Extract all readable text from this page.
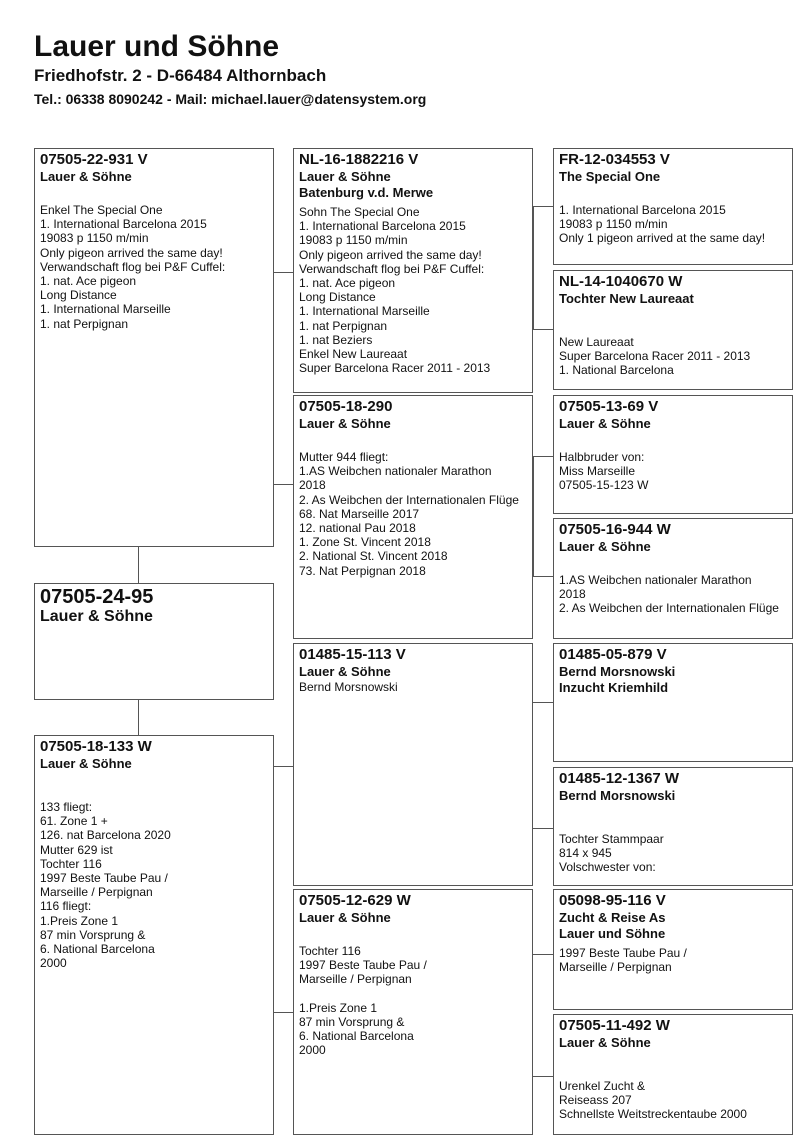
Lauer und Söhne
Friedhofstr. 2 - D-66484 Althornbach
Tel.: 06338 8090242 - Mail: michael.lauer@datensystem.org
07505-22-931 V
Lauer & Söhne
Enkel The Special One
1. International Barcelona 2015
19083 p 1150 m/min
Only pigeon arrived the same day!
Verwandschaft flog bei P&F Cuffel:
1. nat. Ace pigeon
Long Distance
1. International Marseille
1. nat Perpignan
07505-24-95
Lauer & Söhne
07505-18-133 W
Lauer & Söhne
133 fliegt:
61. Zone 1 +
126. nat Barcelona 2020
Mutter 629 ist
Tochter 116
1997 Beste Taube Pau /
Marseille / Perpignan
116 fliegt:
1.Preis Zone 1
87 min Vorsprung &
6. National Barcelona
2000
NL-16-1882216 V
Lauer & Söhne
Batenburg v.d. Merwe
Sohn The Special One
1. International Barcelona 2015
19083 p 1150 m/min
Only pigeon arrived the same day!
Verwandschaft flog bei P&F Cuffel:
1. nat. Ace pigeon
Long Distance
1. International Marseille
1. nat Perpignan
1. nat Beziers
Enkel New Laureaat
Super Barcelona Racer 2011 - 2013
07505-18-290
Lauer & Söhne
Mutter 944 fliegt:
1.AS Weibchen nationaler Marathon
2018
2. As Weibchen der Internationalen Flüge
68. Nat Marseille 2017
12. national Pau 2018
1. Zone St. Vincent 2018
2. National St. Vincent 2018
73. Nat Perpignan 2018
01485-15-113 V
Lauer & Söhne
Bernd Morsnowski
07505-12-629 W
Lauer & Söhne
Tochter 116
1997 Beste Taube Pau /
Marseille / Perpignan

1.Preis Zone 1
87 min Vorsprung &
6. National Barcelona
2000
FR-12-034553 V
The Special One
1. International Barcelona 2015
19083 p 1150 m/min
Only 1 pigeon arrived at the same day!
NL-14-1040670 W
Tochter New Laureaat
New Laureaat
Super Barcelona Racer 2011 - 2013
1. National Barcelona
07505-13-69 V
Lauer & Söhne
Halbbruder von:
Miss Marseille
07505-15-123 W
07505-16-944 W
Lauer & Söhne
1.AS Weibchen nationaler Marathon
2018
2. As Weibchen der Internationalen Flüge
01485-05-879 V
Bernd Morsnowski
Inzucht Kriemhild
01485-12-1367 W
Bernd Morsnowski
Tochter Stammpaar
814 x 945
Volschwester von:
05098-95-116 V
Zucht & Reise As
Lauer und Söhne
1997 Beste Taube Pau /
Marseille / Perpignan
07505-11-492 W
Lauer & Söhne
Urenkel Zucht &
Reiseass 207
Schnellste Weitstreckentaube 2000
